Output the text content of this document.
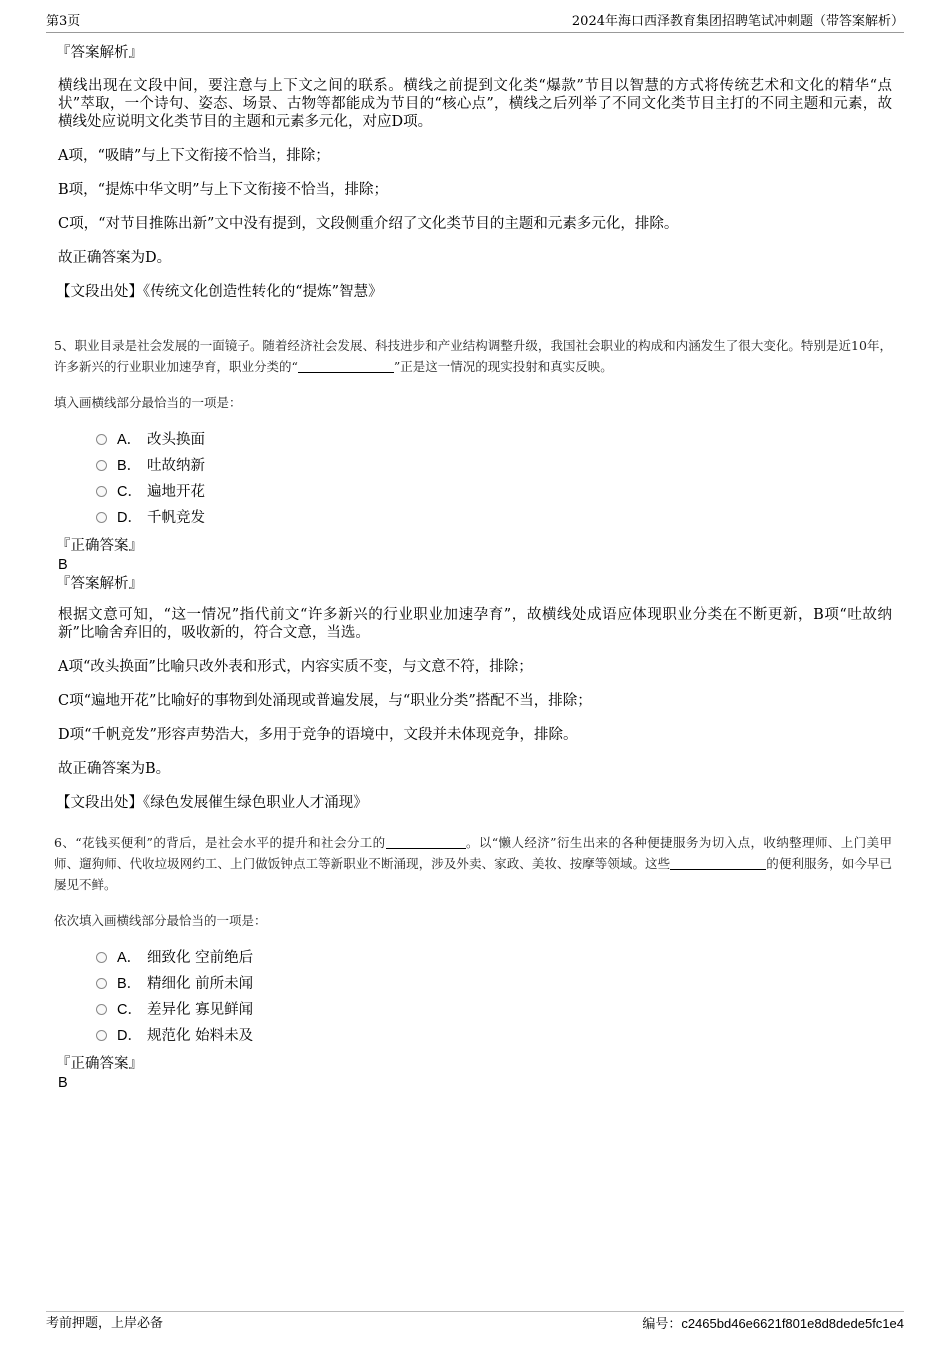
第3页	2024年海口西泽教育集团招聘笔试冲刺题（带答案解析）
『答案解析』

横线出现在文段中间，要注意与上下文之间的联系。横线之前提到文化类“爆款”节目以智慧的方式将传统艺术和文化的精华“点状”萃取，一个诗句、姿态、场景、古物等都能成为节目的“核心点”，横线之后列举了不同文化类节目主打的不同主题和元素，故横线处应说明文化类节目的主题和元素多元化，对应D项。

A项，“吸睛”与上下文衔接不恰当，排除；

B项，“提炼中华文明”与上下文衔接不恰当，排除；

C项，“对节目推陈出新”文中没有提到，文段侧重介绍了文化类节目的主题和元素多元化，排除。

故正确答案为D。

【文段出处】《传统文化创造性转化的“提炼”智慧》

5、职业目录是社会发展的一面镜子。随着经济社会发展、科技进步和产业结构调整升级，我国社会职业的构成和内涵发生了很大变化。特别是近10年，许多新兴的行业职业加速孕育，职业分类的“	”正是这一情况的现实投射和真实反映。
填入画横线部分最恰当的一项是：
A． 改头换面
B． 吐故纳新
C． 遍地开花
D． 千帆竞发
『正确答案』
B
『答案解析』

根据文意可知，“这一情况”指代前文“许多新兴的行业职业加速孕育”，故横线处成语应体现职业分类在不断更新，B项“吐故纳新”比喻舍弃旧的，吸收新的，符合文意，当选。

A项“改头换面”比喻只改外表和形式，内容实质不变，与文意不符，排除；

C项“遍地开花”比喻好的事物到处涌现或普遍发展，与“职业分类”搭配不当，排除；

D项“千帆竞发”形容声势浩大，多用于竞争的语境中，文段并未体现竞争，排除。

故正确答案为B。

【文段出处】《绿色发展催生绿色职业人才涌现》

6、“花钱买便利”的背后，是社会水平的提升和社会分工的	。以“懒人经济”衍生出来的各种便捷服务为切入点，收纳整理师、上门美甲师、遛狗师、代收垃圾网约工、上门做饭钟点工等新职业不断涌现，涉及外卖、家政、美妆、按摩等领域。这些	的便利服务，如今早已屡见不鲜。
依次填入画横线部分最恰当的一项是：
A． 细致化 空前绝后
B． 精细化 前所未闻
C． 差异化 寡见鲜闻
D． 规范化 始料未及
『正确答案』
B
考前押题，上岸必备	编号：c2465bd46e6621f801e8d8dede5fc1e4
